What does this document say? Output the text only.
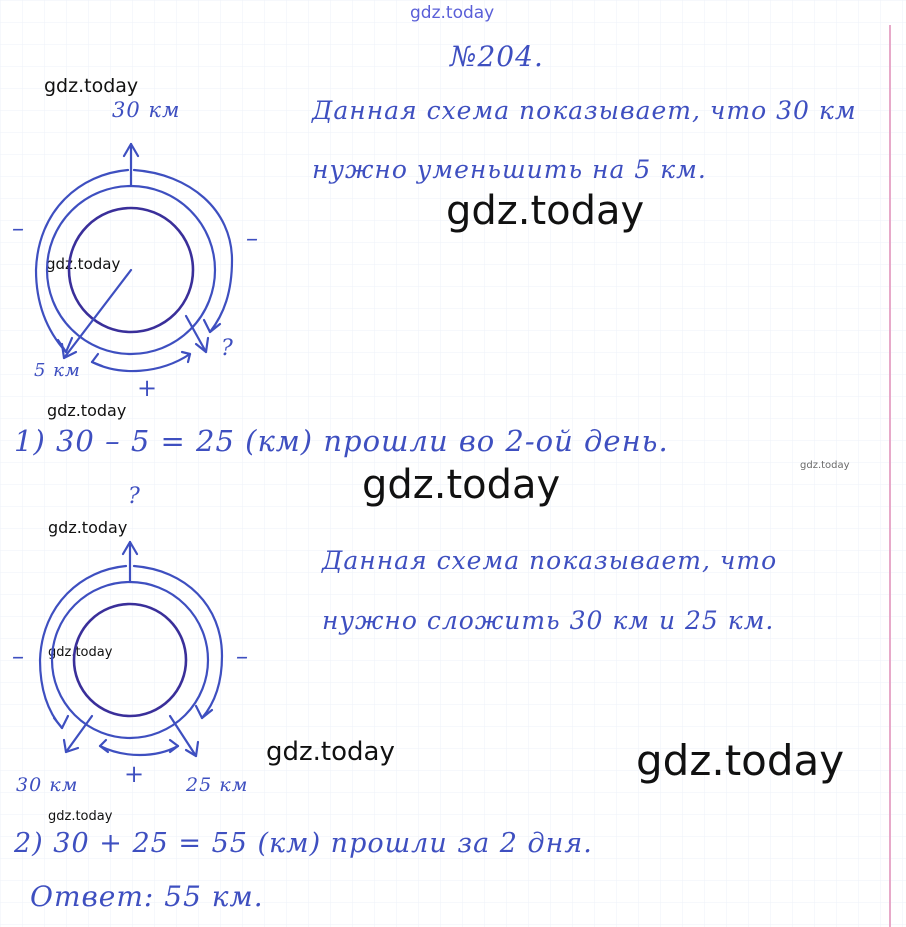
gdz.today
gdz.today
gdz.today
gdz.today
gdz.today
gdz.today
gdz.today
gdz.today
gdz.today
gdz.today	gdz.today
gdz.today
№204.
30 км
–	–
5 км
?
+
Данная схема показывает, что 30 км
нужно уменьшить на 5 км.
1) 30 – 5 = 25 (км) прошли во 2-ой день.
?
–	–
30 км	25 км
+
Данная схема показывает, что
нужно сложить 30 км и 25 км.
2) 30 + 25 = 55 (км) прошли за 2 дня.
Ответ: 55 км.
